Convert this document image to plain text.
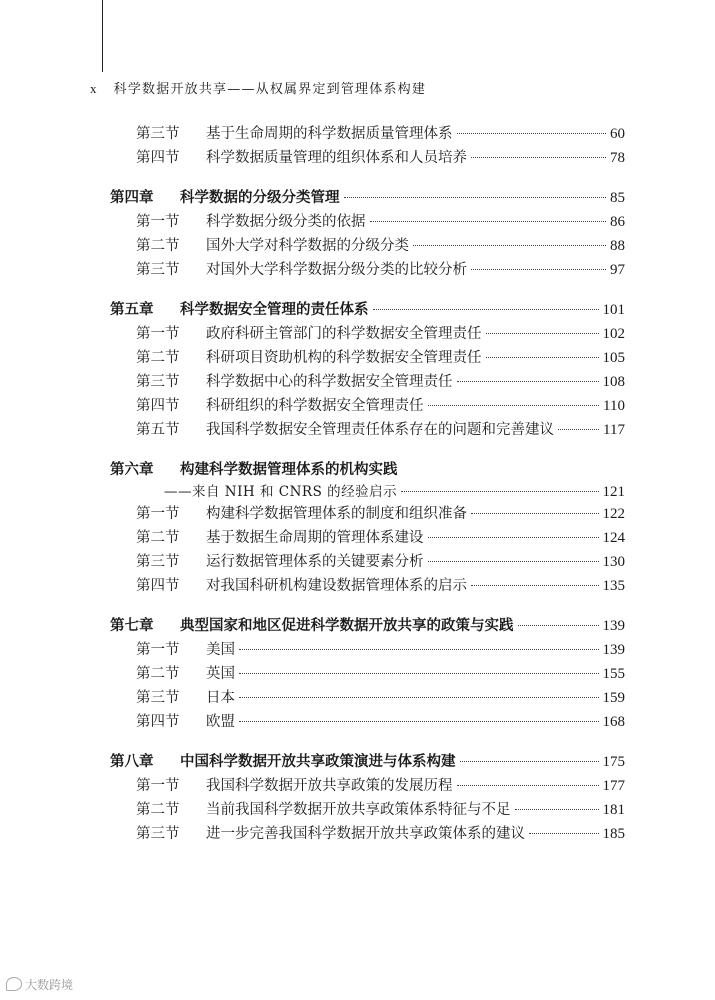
x 科学数据开放共享——从权属界定到管理体系构建
第三节	基于生命周期的科学数据质量管理体系	60
第四节	科学数据质量管理的组织体系和人员培养	78
第四章	科学数据的分级分类管理	85
第一节	科学数据分级分类的依据	86
第二节	国外大学对科学数据的分级分类	88
第三节	对国外大学科学数据分级分类的比较分析	97
第五章	科学数据安全管理的责任体系	101
第一节	政府科研主管部门的科学数据安全管理责任	102
第二节	科研项目资助机构的科学数据安全管理责任	105
第三节	科学数据中心的科学数据安全管理责任	108
第四节	科研组织的科学数据安全管理责任	110
第五节	我国科学数据安全管理责任体系存在的问题和完善建议	117
第六章	构建科学数据管理体系的机构实践
——来自 NIH 和 CNRS 的经验启示	121
第一节	构建科学数据管理体系的制度和组织准备	122
第二节	基于数据生命周期的管理体系建设	124
第三节	运行数据管理体系的关键要素分析	130
第四节	对我国科研机构建设数据管理体系的启示	135
第七章	典型国家和地区促进科学数据开放共享的政策与实践	139
第一节	美国	139
第二节	英国	155
第三节	日本	159
第四节	欧盟	168
第八章	中国科学数据开放共享政策演进与体系构建	175
第一节	我国科学数据开放共享政策的发展历程	177
第二节	当前我国科学数据开放共享政策体系特征与不足	181
第三节	进一步完善我国科学数据开放共享政策体系的建议	185
大数跨境
